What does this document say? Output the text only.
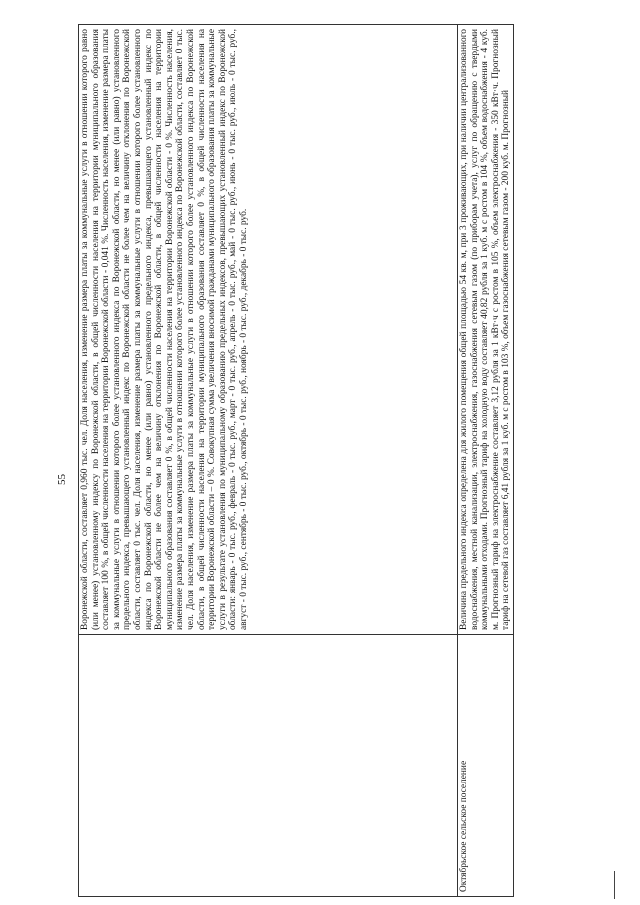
55
	Воронежской области, составляет 0,960 тыс. чел. Доля населения, изменение размера платы за коммунальные услуги в отношении которого равно (или менее) установленному индексу по Воронежской области, в общей численности населения на территории муниципального образования составляет 100 %, в общей численности населения на территории Воронежской области - 0,041 %. Численность населения, изменение размера платы за коммунальные услуги в отношении которого более установленного индекса по Воронежской области, но менее (или равно) установленного предельного индекса, превышающего установленный индекс по Воронежской области не более чем на величину отклонения по Воронежской области, составляет 0 тыс. чел. Доля населения, изменение размера платы за коммунальные услуги в отношении которого более установленного индекса по Воронежской области, но менее (или равно) установленного предельного индекса, превышающего установленный индекс по Воронежской области не более чем на величину отклонения по Воронежской области, в общей численности населения на территории муниципального образования составляет 0 %, в общей численности населения на территории Воронежской области - 0 %. Численность населения, изменение размера платы за коммунальные услуги в отношении которого более установленного индекса по Воронежской области, составляет 0 тыс. чел. Доля населения, изменение размера платы за коммунальные услуги в отношении которого более установленного индекса по Воронежской области, в общей численности населения на территории муниципального образования составляет 0 %, в общей численности населения на территории Воронежской области – 0 %. Совокупная сумма увеличения вносимой гражданами муниципального образования платы за коммунальные услуги в результате установления по муниципальному образованию предельных индексов, превышающих установленный индекс по Воронежской области: январь - 0 тыс. руб., февраль - 0 тыс. руб., март - 0 тыс. руб., апрель - 0 тыс. руб., май - 0 тыс. руб., июнь - 0 тыс. руб., июль - 0 тыс. руб., август - 0 тыс. руб., сентябрь - 0 тыс. руб., октябрь - 0 тыс. руб., ноябрь - 0 тыс. руб., декабрь - 0 тыс. руб.
Октябрьское сельское поселение	Величина предельного индекса определена для жилого помещения общей площадью 54 кв. м, при 3 проживающих, при наличии централизованного водоснабжения, местной канализации, электроснабжения, газоснабжения сетевым газом (по приборам учета), услуг по обращению с твердыми коммунальными отходами. Прогнозный тариф на холодную воду составляет 40,82 рубля за 1 куб. м с ростом в 104 %, объем водоснабжения - 4 куб. м. Прогнозный тариф на электроснабжение составляет 3,12 рубля за 1 кВт·ч с ростом в 105 %, объем электроснабжения - 350 кВт·ч. Прогнозный тариф на сетевой газ составляет 6,41 рубля за 1 куб. м с ростом в 103 %, объем газоснабжения сетевым газом - 200 куб. м. Прогнозный
